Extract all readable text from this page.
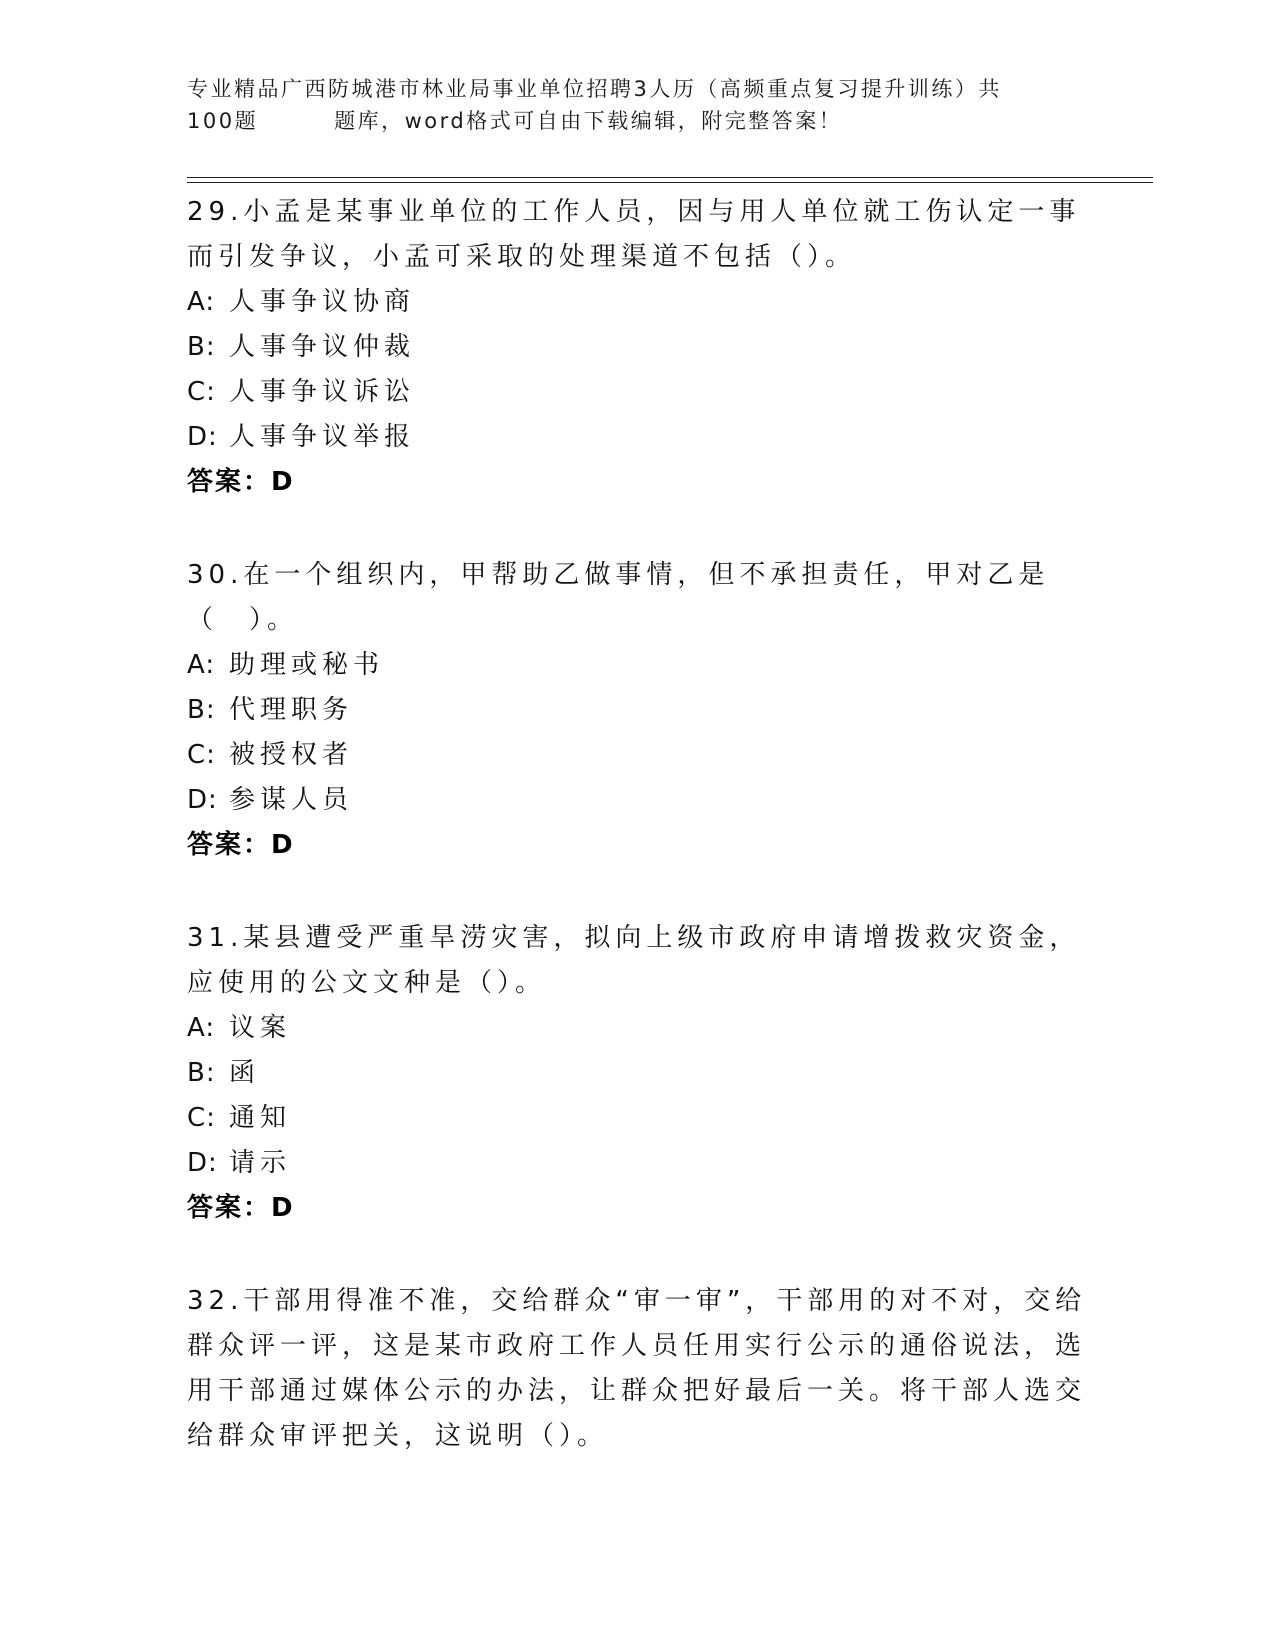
专业精品广西防城港市林业局事业单位招聘3人历（高频重点复习提升训练）共
100题	题库，word格式可自由下载编辑，附完整答案！

29.小孟是某事业单位的工作人员，因与用人单位就工伤认定一事而引发争议，小孟可采取的处理渠道不包括（）。

A: 人事争议协商
B: 人事争议仲裁
C: 人事争议诉讼
D: 人事争议举报
答案：D

30.在一个组织内，甲帮助乙做事情，但不承担责任，甲对乙是（　）。

A: 助理或秘书
B: 代理职务
C: 被授权者
D: 参谋人员
答案：D

31.某县遭受严重旱涝灾害，拟向上级市政府申请增拨救灾资金，应使用的公文文种是（）。

A: 议案
B: 函
C: 通知
D: 请示
答案：D

32.干部用得准不准，交给群众“审一审”，干部用的对不对，交给群众评一评，这是某市政府工作人员任用实行公示的通俗说法，选用干部通过媒体公示的办法，让群众把好最后一关。将干部人选交给群众审评把关，这说明（）。
